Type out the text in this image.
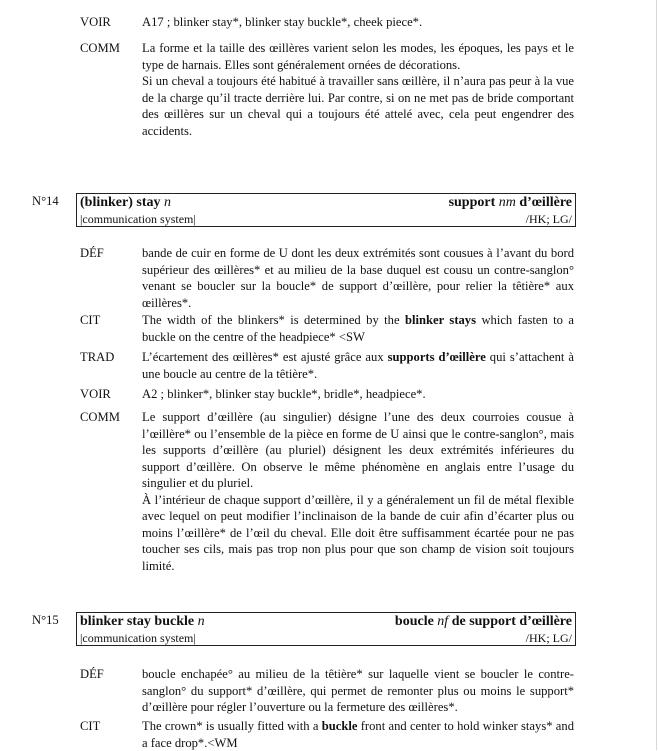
VOIR A17 ; blinker stay*, blinker stay buckle*, cheek piece*.
COMM La forme et la taille des œillères varient selon les modes, les époques, les pays et le type de harnais. Elles sont généralement ornées de décorations.

Si un cheval a toujours été habitué à travailler sans œillère, il n’aura pas peur à la vue de la charge qu’il tracte derrière lui. Par contre, si on ne met pas de bride comportant des œillères sur un cheval qui a toujours été attelé avec, cela peut engendrer des accidents.

N°14 (blinker) stay n	support nm d’œillère
|communication system|	/HK; LG/
DÉF	bande de cuir en forme de U dont les deux extrémités sont cousues à l’avant du bord supérieur des œillères* et au milieu de la base duquel est cousu un contre-sanglon° venant se boucler sur la boucle* de support d’œillère, pour relier la têtière* aux œillères*.
CIT	The width of the blinkers* is determined by the blinker stays which fasten to a buckle on the centre of the headpiece* <SW
TRAD L’écartement des œillères* est ajusté grâce aux supports d’œillère qui s’attachent à une boucle au centre de la têtière*.
VOIR A2 ; blinker*, blinker stay buckle*, bridle*, headpiece*.
COMM Le support d’œillère (au singulier) désigne l’une des deux courroies cousue à l’œillère* ou l’ensemble de la pièce en forme de U ainsi que le contre-sanglon°, mais les supports d’œillère (au pluriel) désignent les deux extrémités inférieures du support d’œillère. On observe le même phénomène en anglais entre l’usage du singulier et du pluriel.

À l’intérieur de chaque support d’œillère, il y a généralement un fil de métal flexible avec lequel on peut modifier l’inclinaison de la bande de cuir afin d’écarter plus ou moins l’œillère* de l’œil du cheval. Elle doit être suffisamment écartée pour ne pas toucher ses cils, mais pas trop non plus pour que son champ de vision soit toujours limité.

N°15 blinker stay buckle n	boucle nf de support d’œillère
|communication system|	/HK; LG/
DÉF	boucle enchapée° au milieu de la têtière* sur laquelle vient se boucler le contre-sanglon° du support* d’œillère, qui permet de remonter plus ou moins le support* d’œillère pour régler l’ouverture ou la fermeture des œillères*.
CIT	The crown* is usually fitted with a buckle front and center to hold winker stays* and a face drop*.<WM
